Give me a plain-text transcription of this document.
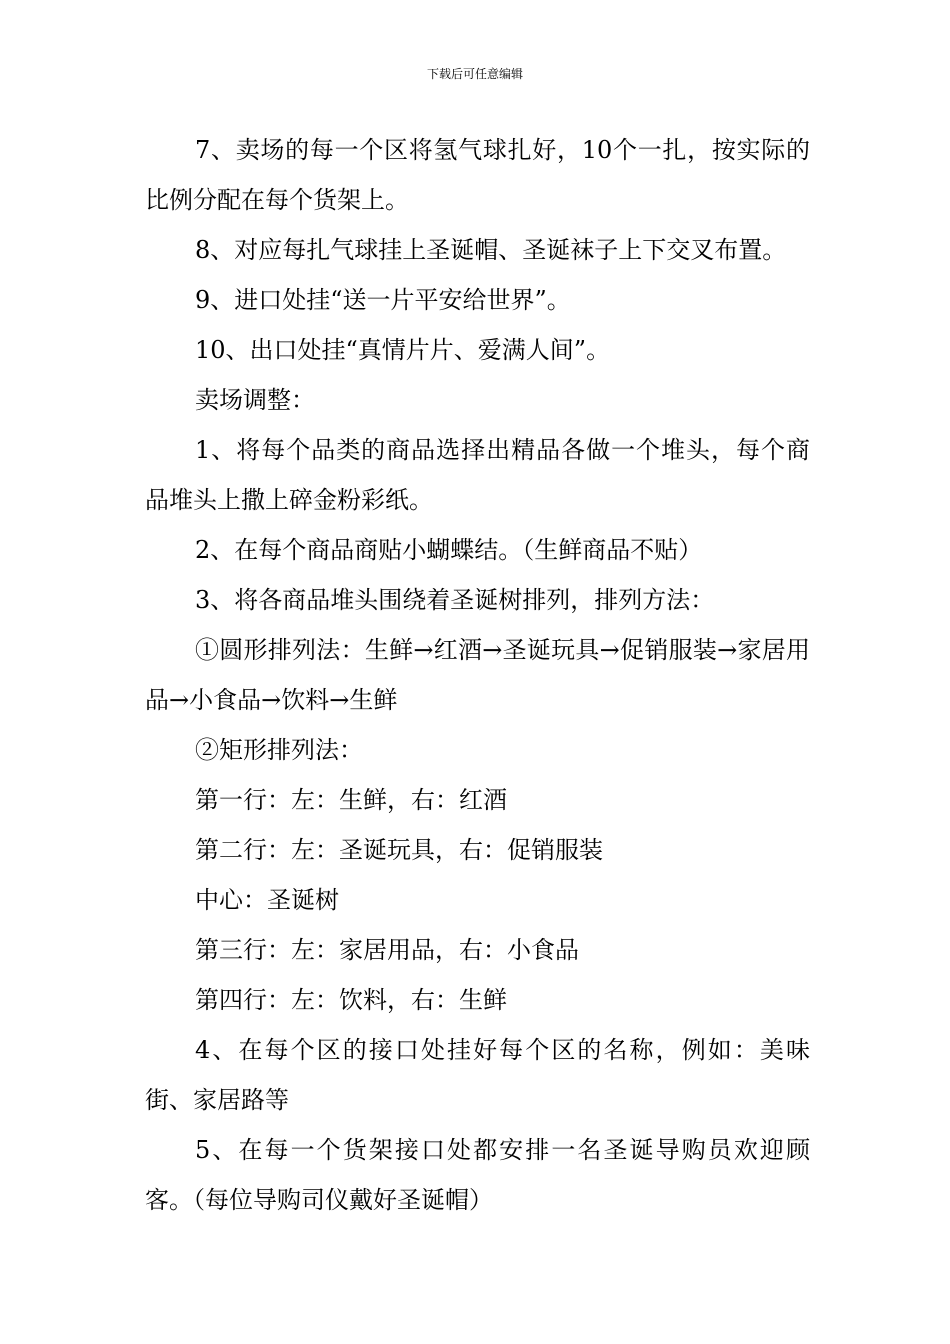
下载后可任意编辑

7、卖场的每一个区将氢气球扎好，10个一扎，按实际的比例分配在每个货架上。

8、对应每扎气球挂上圣诞帽、圣诞袜子上下交叉布置。

9、进口处挂“送一片平安给世界”。

10、出口处挂“真情片片、爱满人间”。

卖场调整：

1、将每个品类的商品选择出精品各做一个堆头，每个商品堆头上撒上碎金粉彩纸。

2、在每个商品商贴小蝴蝶结。（生鲜商品不贴）

3、将各商品堆头围绕着圣诞树排列，排列方法：

①圆形排列法：生鲜→红酒→圣诞玩具→促销服装→家居用品→小食品→饮料→生鲜

②矩形排列法：

第一行：左：生鲜，右：红酒

第二行：左：圣诞玩具，右：促销服装

中心：圣诞树

第三行：左：家居用品，右：小食品

第四行：左：饮料，右：生鲜

4、在每个区的接口处挂好每个区的名称，例如：美味街、家居路等

5、在每一个货架接口处都安排一名圣诞导购员欢迎顾客。（每位导购司仪戴好圣诞帽）
